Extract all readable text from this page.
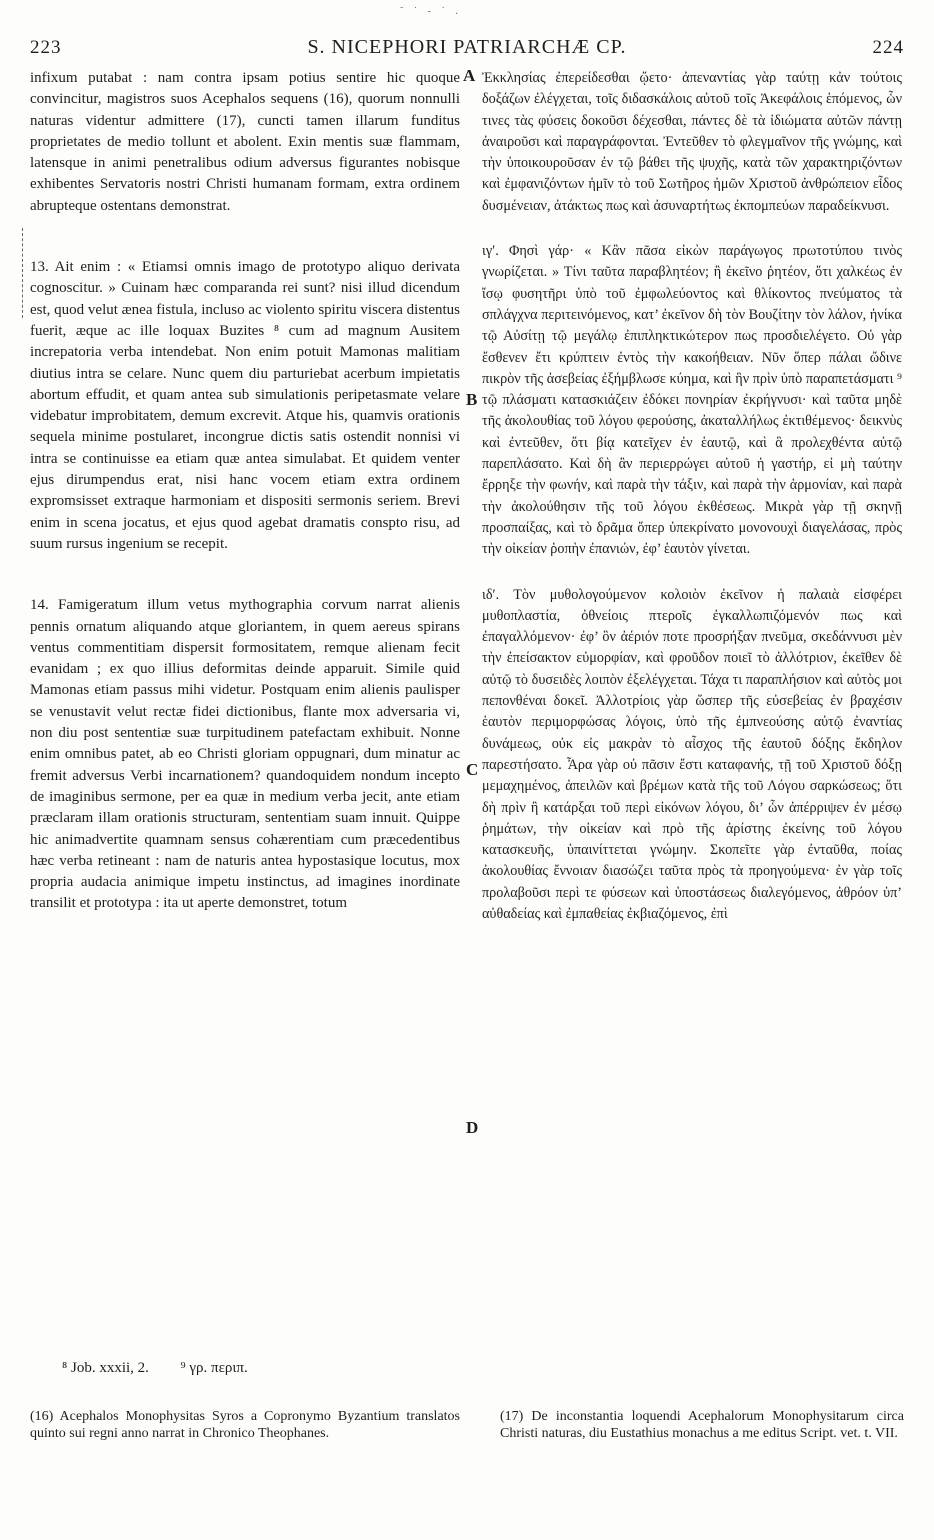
˜ ˙ - ˙ .
223	S. NICEPHORI PATRIARCHÆ CP.	224

infixum putabat : nam contra ipsam potius sentire hic quoque convincitur, magistros suos Acephalos sequens (16), quorum nonnulli naturas videntur admittere (17), cuncti tamen illarum funditus proprietates de medio tollunt et abolent. Exin mentis suæ flammam, latensque in animi penetralibus odium adversus figurantes nobisque exhibentes Servatoris nostri Christi humanam formam, extra ordinem abrupteque ostentans demonstrat.

13. Ait enim : « Etiamsi omnis imago de prototypo aliquo derivata cognoscitur. » Cuinam hæc comparanda rei sunt? nisi illud dicendum est, quod velut ænea fistula, incluso ac violento spiritu viscera distentus fuerit, æque ac ille loquax Buzites ⁸ cum ad magnum Ausitem increpatoria verba intendebat. Non enim potuit Mamonas malitiam diutius intra se celare. Nunc quem diu parturiebat acerbum impietatis abortum effudit, et quam antea sub simulationis peripetasmate velare videbatur improbitatem, demum excrevit. Atque his, quamvis orationis sequela minime postularet, incongrue dictis satis ostendit nonnisi vi intra se continuisse ea etiam quæ antea simulabat. Et quidem venter ejus dirumpendus erat, nisi hanc vocem etiam extra ordinem expromsisset extraque harmoniam et dispositi sermonis seriem. Brevi enim in scena jocatus, et ejus quod agebat dramatis conspto risu, ad suum rursus ingenium se recepit.

14. Famigeratum illum vetus mythographia corvum narrat alienis pennis ornatum aliquando atque gloriantem, in quem aereus spirans ventus commentitiam dispersit formositatem, remque alienam fecit evanidam ; ex quo illius deformitas deinde apparuit. Simile quid Mamonas etiam passus mihi videtur. Postquam enim alienis paulisper se venustavit velut rectæ fidei dictionibus, flante mox adversaria vi, non diu post sententiæ suæ turpitudinem patefactam exhibuit. Nonne enim omnibus patet, ab eo Christi gloriam oppugnari, dum minatur ac fremit adversus Verbi incarnationem? quandoquidem nondum incepto de imaginibus sermone, per ea quæ in medium verba jecit, ante etiam præclaram illam orationis structuram, sententiam suam innuit. Quippe hic animadvertite quamnam sensus cohærentiam cum præcedentibus hæc verba retineant : nam de naturis antea hypostasique locutus, mox propria audacia animique impetu instinctus, ad imagines inordinate transilit et prototypa : ita ut aperte demonstret, totum

A
B
C
D

Ἐκκλησίας ἐπερείδεσθαι ᾤετο· ἀπεναντίας γὰρ ταύτῃ κἀν τούτοις δοξάζων ἐλέγχεται, τοῖς διδασκάλοις αὐτοῦ τοῖς Ἀκεφάλοις ἑπόμενος, ὧν τινες τὰς φύσεις δοκοῦσι δέχεσθαι, πάντες δὲ τὰ ἰδιώματα αὐτῶν πάντῃ ἀναιροῦσι καὶ παραγράφονται. Ἐντεῦθεν τὸ φλεγμαῖνον τῆς γνώμης, καὶ τὴν ὑποικουροῦσαν ἐν τῷ βάθει τῆς ψυχῆς, κατὰ τῶν χαρακτηριζόντων καὶ ἐμφανιζόντων ἡμῖν τὸ τοῦ Σωτῆρος ἡμῶν Χριστοῦ ἀνθρώπειον εἶδος δυσμένειαν, ἀτάκτως πως καὶ ἀσυναρτήτως ἐκπομπεύων παραδείκνυσι.

ιγʹ. Φησὶ γάρ· « Κἂν πᾶσα εἰκὼν παράγωγος πρωτοτύπου τινὸς γνωρίζεται. » Τίνι ταῦτα παραβλητέον; ἢ ἐκεῖνο ῥητέον, ὅτι χαλκέως ἐν ἴσῳ φυσητῆρι ὑπὸ τοῦ ἐμφωλεύοντος καὶ θλίκοντος πνεύματος τὰ σπλάγχνα περιτεινόμενος, κατ’ ἐκεῖνον δὴ τὸν Βουζίτην τὸν λάλον, ἡνίκα τῷ Αὐσίτῃ τῷ μεγάλῳ ἐπιπληκτικώτερον πως προσδιελέγετο. Οὐ γὰρ ἔσθενεν ἔτι κρύπτειν ἐντὸς τὴν κακοήθειαν. Νῦν ὅπερ πάλαι ὤδινε πικρὸν τῆς ἀσεβείας ἐξήμβλωσε κύημα, καὶ ἣν πρὶν ὑπὸ παραπετάσματι ⁹ τῷ πλάσματι κατασκιάζειν ἐδόκει πονηρίαν ἐκρήγνυσι· καὶ ταῦτα μηδὲ τῆς ἀκολουθίας τοῦ λόγου φερούσης, ἀκαταλλήλως ἐκτιθέμενος· δεικνὺς καὶ ἐντεῦθεν, ὅτι βίᾳ κατεῖχεν ἐν ἑαυτῷ, καὶ ἃ προλεχθέντα αὐτῷ παρεπλάσατο. Καὶ δὴ ἂν περιερρώγει αὐτοῦ ἡ γαστήρ, εἰ μὴ ταύτην ἔρρηξε τὴν φωνήν, καὶ παρὰ τὴν τάξιν, καὶ παρὰ τὴν ἁρμονίαν, καὶ παρὰ τὴν ἀκολούθησιν τῆς τοῦ λόγου ἐκθέσεως. Μικρὰ γὰρ τῇ σκηνῇ προσπαίξας, καὶ τὸ δρᾶμα ὅπερ ὑπεκρίνατο μονονουχὶ διαγελάσας, πρὸς τὴν οἰκείαν ῥοπὴν ἐπανιών, ἐφ’ ἑαυτὸν γίνεται.

ιδʹ. Τὸν μυθολογούμενον κολοιὸν ἐκεῖνον ἡ παλαιὰ εἰσφέρει μυθοπλαστία, ὀθνείοις πτεροῖς ἐγκαλλωπιζόμενόν πως καὶ ἐπαγαλλόμενον· ἐφ’ ὃν ἀέριόν ποτε προσρήξαν πνεῦμα, σκεδάννυσι μὲν τὴν ἐπείσακτον εὐμορφίαν, καὶ φροῦδον ποιεῖ τὸ ἀλλότριον, ἐκεῖθεν δὲ αὐτῷ τὸ δυσειδὲς λοιπὸν ἐξελέγχεται. Τάχα τι παραπλήσιον καὶ αὐτὸς μοι πεπονθέναι δοκεῖ. Ἀλλοτρίοις γὰρ ὥσπερ τῆς εὐσεβείας ἐν βραχέσιν ἑαυτὸν περιμορφώσας λόγοις, ὑπὸ τῆς ἐμπνεούσης αὐτῷ ἐναντίας δυνάμεως, οὐκ εἰς μακρὰν τὸ αἶσχος τῆς ἑαυτοῦ δόξης ἔκδηλον παρεστήσατο. Ἆρα γὰρ οὐ πᾶσιν ἔστι καταφανής, τῇ τοῦ Χριστοῦ δόξῃ μεμαχημένος, ἀπειλῶν καὶ βρέμων κατὰ τῆς τοῦ Λόγου σαρκώσεως; ὅτι δὴ πρὶν ἢ κατάρξαι τοῦ περὶ εἰκόνων λόγου, δι’ ὧν ἀπέρριψεν ἐν μέσῳ ῥημάτων, τὴν οἰκείαν καὶ πρὸ τῆς ἀρίστης ἐκείνης τοῦ λόγου κατασκευῆς, ὑπαινίττεται γνώμην. Σκοπεῖτε γὰρ ἐνταῦθα, ποίας ἀκολουθίας ἔννοιαν διασώζει ταῦτα πρὸς τὰ προηγούμενα· ἐν γὰρ τοῖς προλαβοῦσι περὶ τε φύσεων καὶ ὑποστάσεως διαλεγόμενος, ἀθρόον ὑπ’ αὐθαδείας καὶ ἐμπαθείας ἐκβιαζόμενος, ἐπὶ

⁸ Job. xxxii, 2. ⁹ γρ. περιπ.

(16) Acephalos Monophysitas Syros a Copronymo Byzantium translatos quinto sui regni anno narrat in Chronico Theophanes.

(17) De inconstantia loquendi Acephalorum Monophysitarum circa Christi naturas, diu Eustathius monachus a me editus Script. vet. t. VII.
